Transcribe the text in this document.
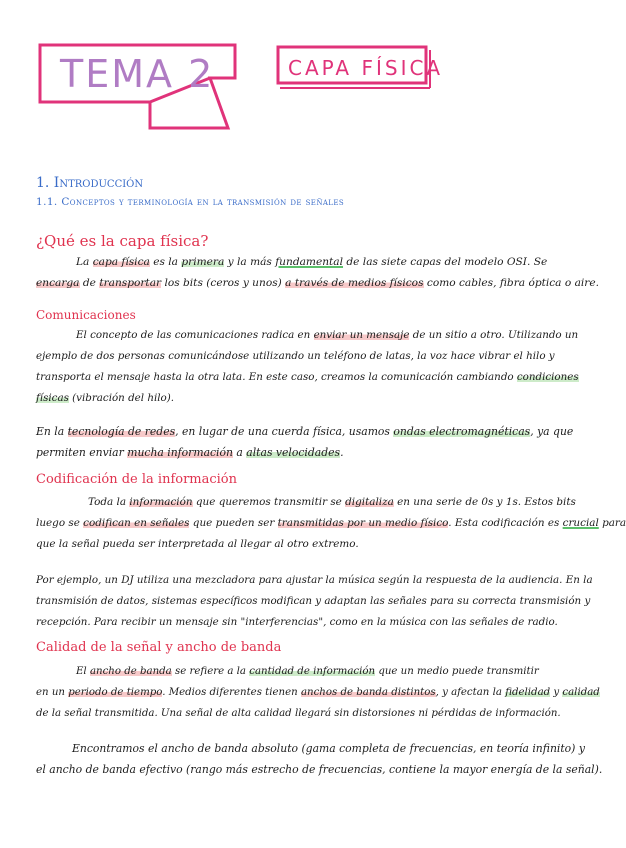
TEMA 2	CAPA FÍSICA
1. Introducción
1.1. Conceptos y terminología en la transmisión de señales
¿Qué es la capa física?

La capa física es la primera y la más fundamental de las siete capas del modelo OSI. Se

encarga de transportar los bits (ceros y unos) a través de medios físicos como cables, fibra óptica o aire.

Comunicaciones

El concepto de las comunicaciones radica en enviar un mensaje de un sitio a otro. Utilizando un

ejemplo de dos personas comunicándose utilizando un teléfono de latas, la voz hace vibrar el hilo y

transporta el mensaje hasta la otra lata. En este caso, creamos la comunicación cambiando condiciones

físicas (vibración del hilo).

En la tecnología de redes, en lugar de una cuerda física, usamos ondas electromagnéticas, ya que

permiten enviar mucha información a altas velocidades.

Codificación de la información

Toda la información que queremos transmitir se digitaliza en una serie de 0s y 1s. Estos bits

luego se codifican en señales que pueden ser transmitidas por un medio físico. Esta codificación es crucial para

que la señal pueda ser interpretada al llegar al otro extremo.

Por ejemplo, un DJ utiliza una mezcladora para ajustar la música según la respuesta de la audiencia. En la

transmisión de datos, sistemas específicos modifican y adaptan las señales para su correcta transmisión y

recepción. Para recibir un mensaje sin "interferencias", como en la música con las señales de radio.

Calidad de la señal y ancho de banda

El ancho de banda se refiere a la cantidad de información que un medio puede transmitir

en un periodo de tiempo. Medios diferentes tienen anchos de banda distintos, y afectan la fidelidad y calidad

de la señal transmitida. Una señal de alta calidad llegará sin distorsiones ni pérdidas de información.

Encontramos el ancho de banda absoluto (gama completa de frecuencias, en teoría infinito) y

el ancho de banda efectivo (rango más estrecho de frecuencias, contiene la mayor energía de la señal).
